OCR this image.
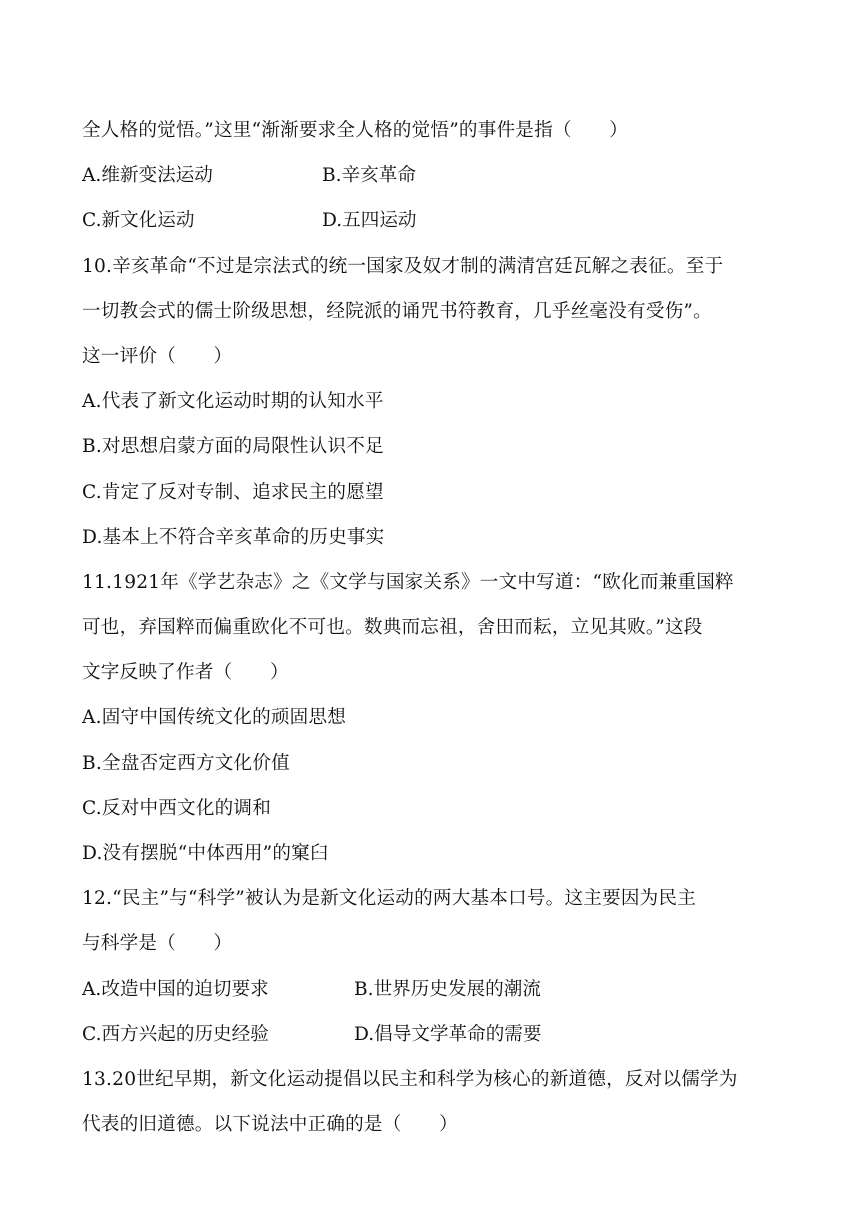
全人格的觉悟。”这里“渐渐要求全人格的觉悟”的事件是指（　　）
A.维新变法运动	B.辛亥革命
C.新文化运动	D.五四运动
10.辛亥革命“不过是宗法式的统一国家及奴才制的满清宫廷瓦解之表征。至于
一切教会式的儒士阶级思想，经院派的诵咒书符教育，几乎丝毫没有受伤”。
这一评价（　　）
A.代表了新文化运动时期的认知水平
B.对思想启蒙方面的局限性认识不足
C.肯定了反对专制、追求民主的愿望
D.基本上不符合辛亥革命的历史事实
11.1921年《学艺杂志》之《文学与国家关系》一文中写道：“欧化而兼重国粹
可也，弃国粹而偏重欧化不可也。数典而忘祖，舍田而耘，立见其败。”这段
文字反映了作者（　　）
A.固守中国传统文化的顽固思想
B.全盘否定西方文化价值
C.反对中西文化的调和
D.没有摆脱“中体西用”的窠臼
12.“民主”与“科学”被认为是新文化运动的两大基本口号。这主要因为民主
与科学是（　　）
A.改造中国的迫切要求	B.世界历史发展的潮流
C.西方兴起的历史经验	D.倡导文学革命的需要
13.20世纪早期，新文化运动提倡以民主和科学为核心的新道德，反对以儒学为
代表的旧道德。以下说法中正确的是（　　）
